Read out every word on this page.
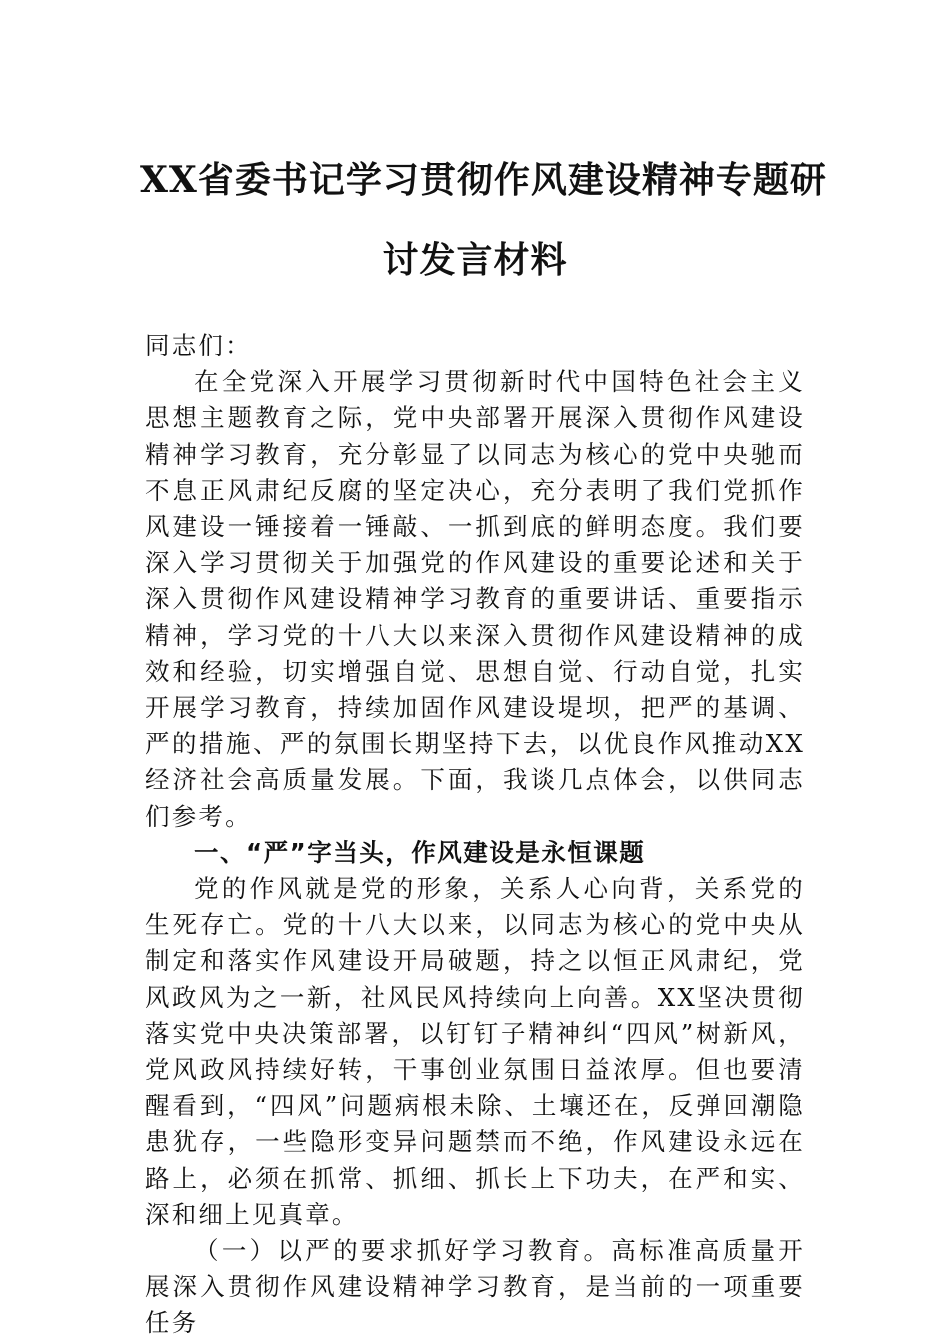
XX省委书记学习贯彻作风建设精神专题研
讨发言材料

同志们：

在全党深入开展学习贯彻新时代中国特色社会主义思想主题教育之际，党中央部署开展深入贯彻作风建设精神学习教育，充分彰显了以同志为核心的党中央驰而不息正风肃纪反腐的坚定决心，充分表明了我们党抓作风建设一锤接着一锤敲、一抓到底的鲜明态度。我们要深入学习贯彻关于加强党的作风建设的重要论述和关于深入贯彻作风建设精神学习教育的重要讲话、重要指示精神，学习党的十八大以来深入贯彻作风建设精神的成效和经验，切实增强自觉、思想自觉、行动自觉，扎实开展学习教育，持续加固作风建设堤坝，把严的基调、严的措施、严的氛围长期坚持下去，以优良作风推动XX经济社会高质量发展。下面，我谈几点体会，以供同志们参考。

一、“严”字当头，作风建设是永恒课题

党的作风就是党的形象，关系人心向背，关系党的生死存亡。党的十八大以来，以同志为核心的党中央从制定和落实作风建设开局破题，持之以恒正风肃纪，党风政风为之一新，社风民风持续向上向善。XX坚决贯彻落实党中央决策部署，以钉钉子精神纠“四风”树新风，党风政风持续好转，干事创业氛围日益浓厚。但也要清醒看到，“四风”问题病根未除、土壤还在，反弹回潮隐患犹存，一些隐形变异问题禁而不绝，作风建设永远在路上，必须在抓常、抓细、抓长上下功夫，在严和实、深和细上见真章。

（一）以严的要求抓好学习教育。高标准高质量开展深入贯彻作风建设精神学习教育，是当前的一项重要任务
